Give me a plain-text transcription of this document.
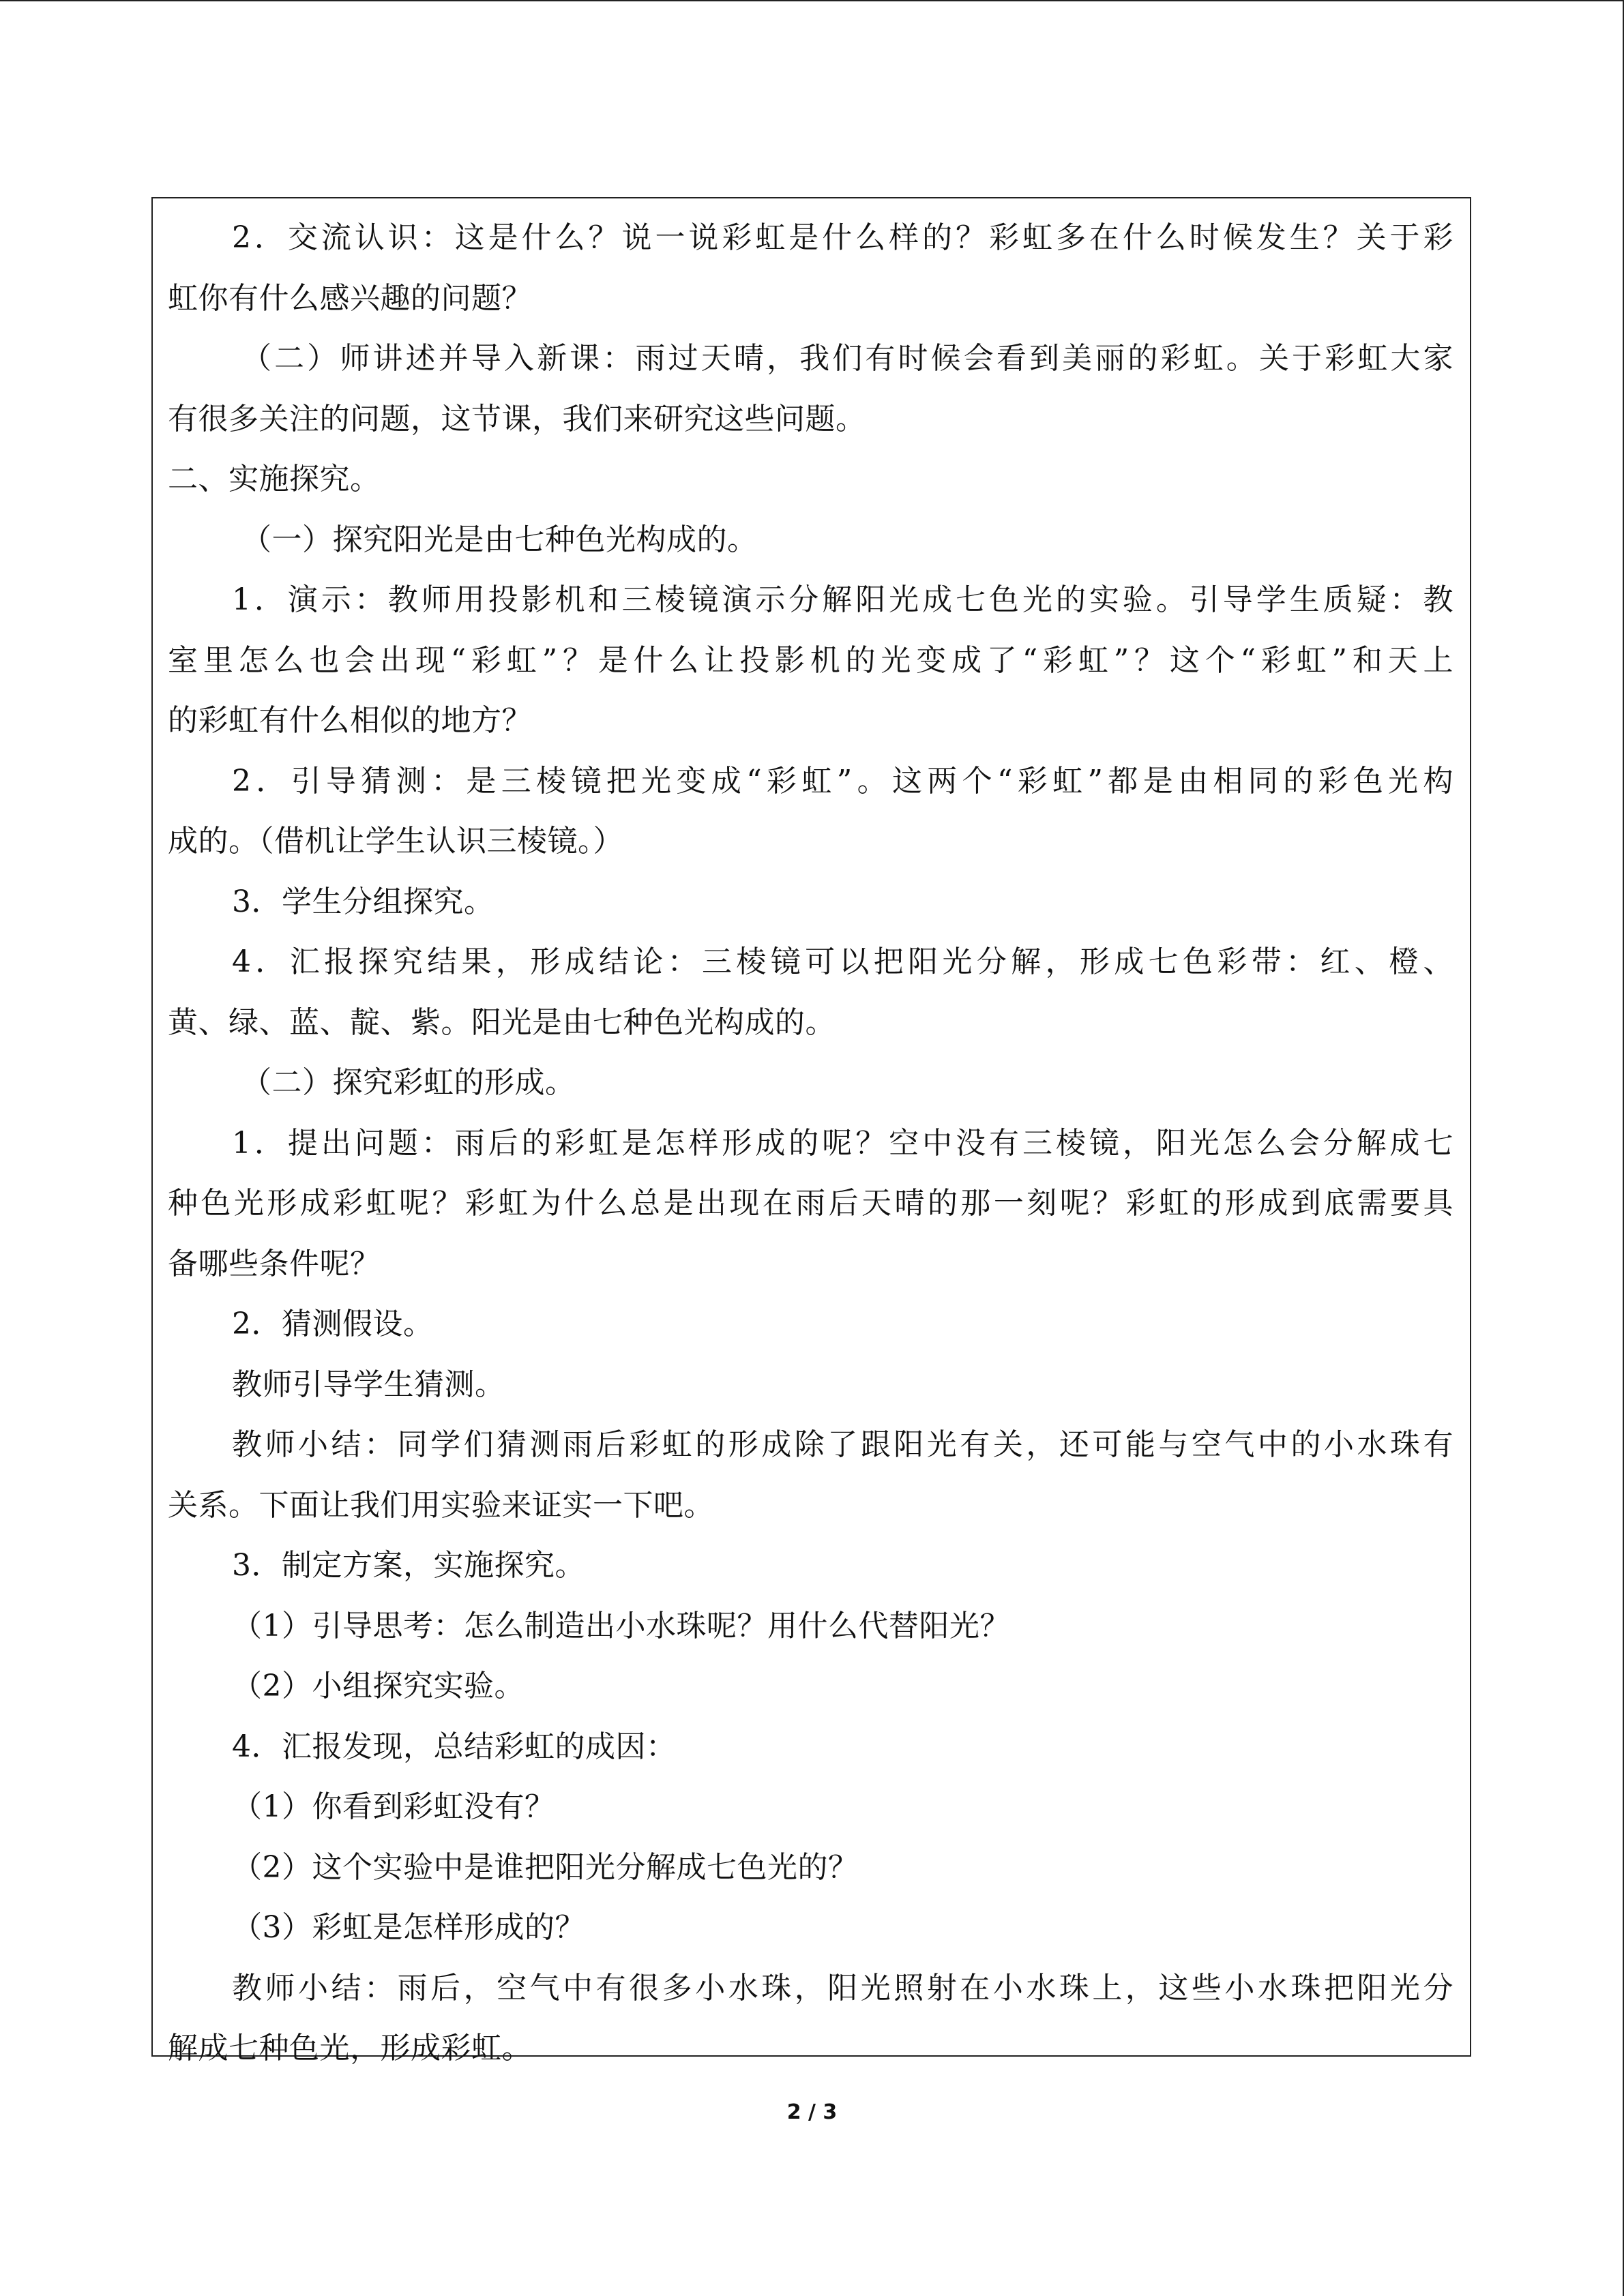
2．交流认识：这是什么？说一说彩虹是什么样的？彩虹多在什么时候发生？关于彩
虹你有什么感兴趣的问题？
（二）师讲述并导入新课：雨过天晴，我们有时候会看到美丽的彩虹。关于彩虹大家
有很多关注的问题，这节课，我们来研究这些问题。
二、实施探究。
（一）探究阳光是由七种色光构成的。
1．演示：教师用投影机和三棱镜演示分解阳光成七色光的实验。引导学生质疑：教
室里怎么也会出现“彩虹”？是什么让投影机的光变成了“彩虹”？这个“彩虹”和天上
的彩虹有什么相似的地方？
2．引导猜测：是三棱镜把光变成“彩虹”。这两个“彩虹”都是由相同的彩色光构
成的。（借机让学生认识三棱镜。）
3．学生分组探究。
4．汇报探究结果，形成结论：三棱镜可以把阳光分解，形成七色彩带：红、橙、
黄、绿、蓝、靛、紫。阳光是由七种色光构成的。
（二）探究彩虹的形成。
1．提出问题：雨后的彩虹是怎样形成的呢？空中没有三棱镜，阳光怎么会分解成七
种色光形成彩虹呢？彩虹为什么总是出现在雨后天晴的那一刻呢？彩虹的形成到底需要具
备哪些条件呢？
2．猜测假设。
教师引导学生猜测。
教师小结：同学们猜测雨后彩虹的形成除了跟阳光有关，还可能与空气中的小水珠有
关系。下面让我们用实验来证实一下吧。
3．制定方案，实施探究。
（1）引导思考：怎么制造出小水珠呢？用什么代替阳光？
（2）小组探究实验。
4．汇报发现，总结彩虹的成因：
（1）你看到彩虹没有？
（2）这个实验中是谁把阳光分解成七色光的？
（3）彩虹是怎样形成的？
教师小结：雨后，空气中有很多小水珠，阳光照射在小水珠上，这些小水珠把阳光分
解成七种色光，形成彩虹。
2 / 3
